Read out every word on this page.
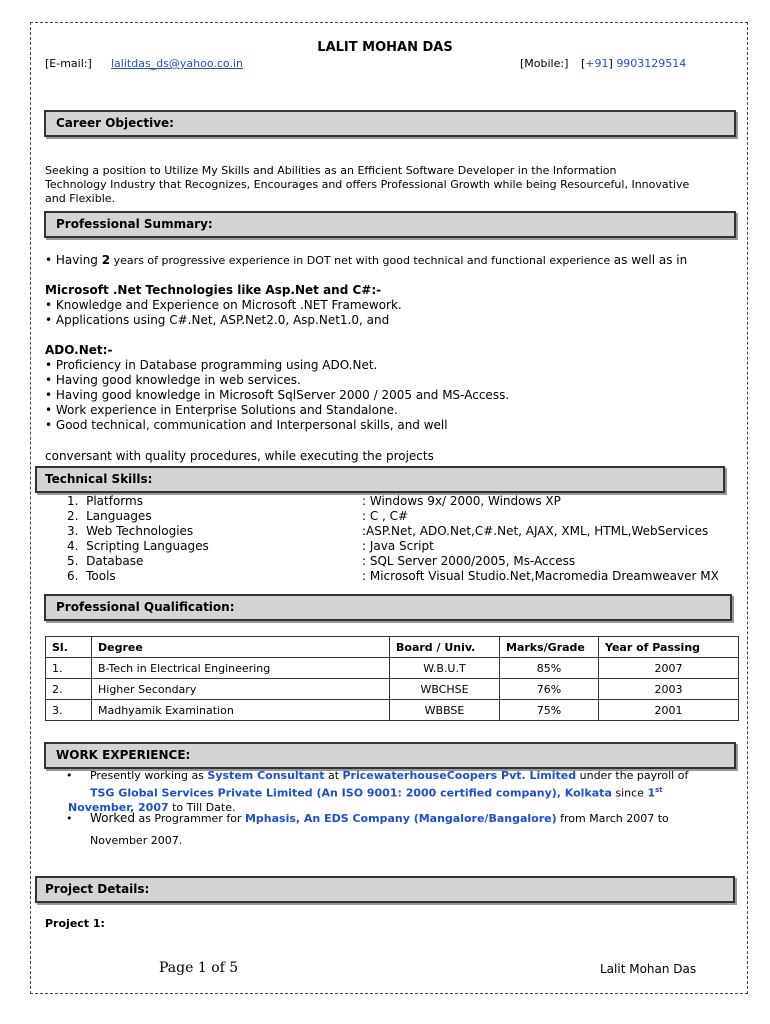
LALIT MOHAN DAS
[E-mail:] lalitdas_ds@yahoo.co.in	[Mobile:] [+91] 9903129514
Career Objective:
Seeking a position to Utilize My Skills and Abilities as an Efficient Software Developer in the Information
Technology Industry that Recognizes, Encourages and offers Professional Growth while being Resourceful, Innovative
and Flexible.
Professional Summary:
• Having 2 years of progressive experience in DOT net with good technical and functional experience as well as in
Microsoft .Net Technologies like Asp.Net and C#:-
• Knowledge and Experience on Microsoft .NET Framework.
• Applications using C#.Net, ASP.Net2.0, Asp.Net1.0, and
ADO.Net:-
• Proficiency in Database programming using ADO.Net.
• Having good knowledge in web services.
• Having good knowledge in Microsoft SqlServer 2000 / 2005 and MS-Access.
• Work experience in Enterprise Solutions and Standalone.
• Good technical, communication and Interpersonal skills, and well
conversant with quality procedures, while executing the projects
Technical Skills:
1. Platforms	: Windows 9x/ 2000, Windows XP
2. Languages	: C , C#
3. Web Technologies	:ASP.Net, ADO.Net,C#.Net, AJAX, XML, HTML,WebServices
4. Scripting Languages	: Java Script
5. Database	: SQL Server 2000/2005, Ms-Access
6. Tools	: Microsoft Visual Studio.Net,Macromedia Dreamweaver MX
Professional Qualification:
Sl.	Degree	Board / Univ.	Marks/Grade	Year of Passing
1.	B-Tech in Electrical Engineering	W.B.U.T	85%	2007
2.	Higher Secondary	WBCHSE	76%	2003
3.	Madhyamik Examination	WBBSE	75%	2001
WORK EXPERIENCE:
• Presently working as System Consultant at PricewaterhouseCoopers Pvt. Limited under the payroll of
TSG Global Services Private Limited (An ISO 9001: 2000 certified company), Kolkata since 1st
November, 2007 to Till Date.
• Worked as Programmer for Mphasis, An EDS Company (Mangalore/Bangalore) from March 2007 to
November 2007.
Project Details:
Project 1:
Page 1 of 5	Lalit Mohan Das
